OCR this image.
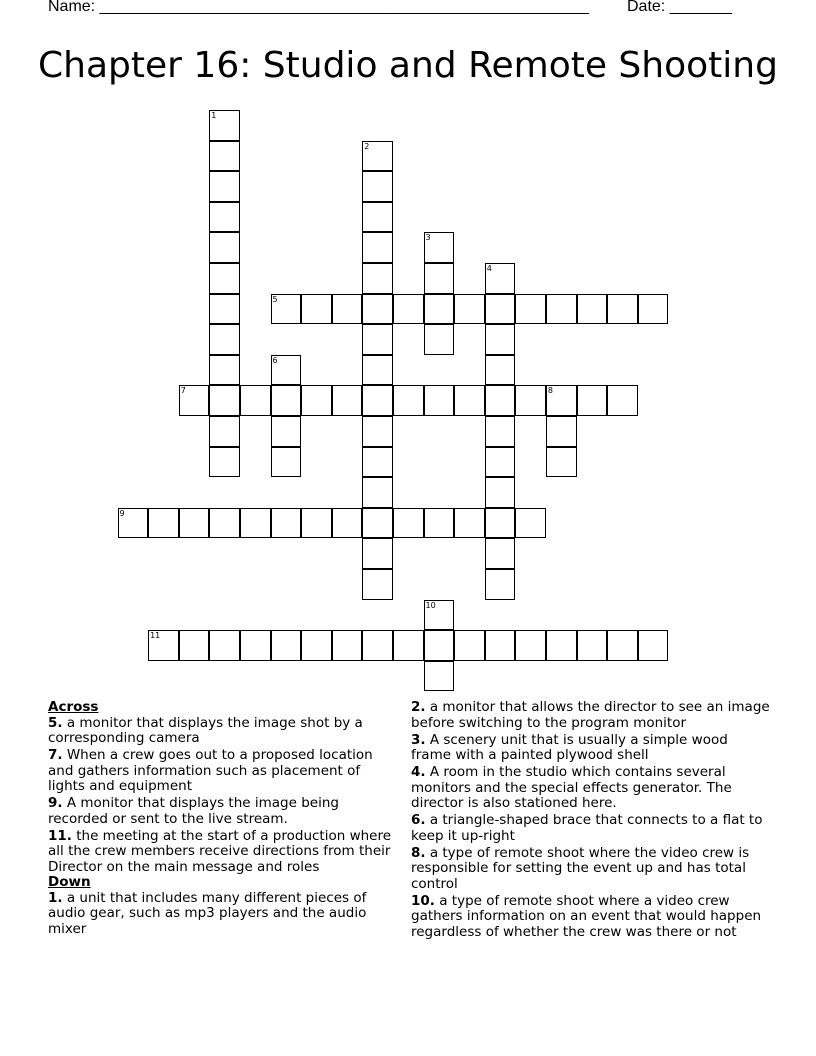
Name: _______________________________________________________ Date: _______
Chapter 16: Studio and Remote Shooting
1
2
3
4
5
6
7	8
9
10
11
Across
5. a monitor that displays the image shot by a corresponding camera
7. When a crew goes out to a proposed location and gathers information such as placement of lights and equipment
9. A monitor that displays the image being recorded or sent to the live stream.
11. the meeting at the start of a production where all the crew members receive directions from their Director on the main message and roles
Down
1. a unit that includes many different pieces of audio gear, such as mp3 players and the audio mixer
2. a monitor that allows the director to see an image before switching to the program monitor
3. A scenery unit that is usually a simple wood frame with a painted plywood shell
4. A room in the studio which contains several monitors and the special effects generator. The director is also stationed here.
6. a triangle-shaped brace that connects to a flat to keep it up-right
8. a type of remote shoot where the video crew is responsible for setting the event up and has total control
10. a type of remote shoot where a video crew gathers information on an event that would happen regardless of whether the crew was there or not
